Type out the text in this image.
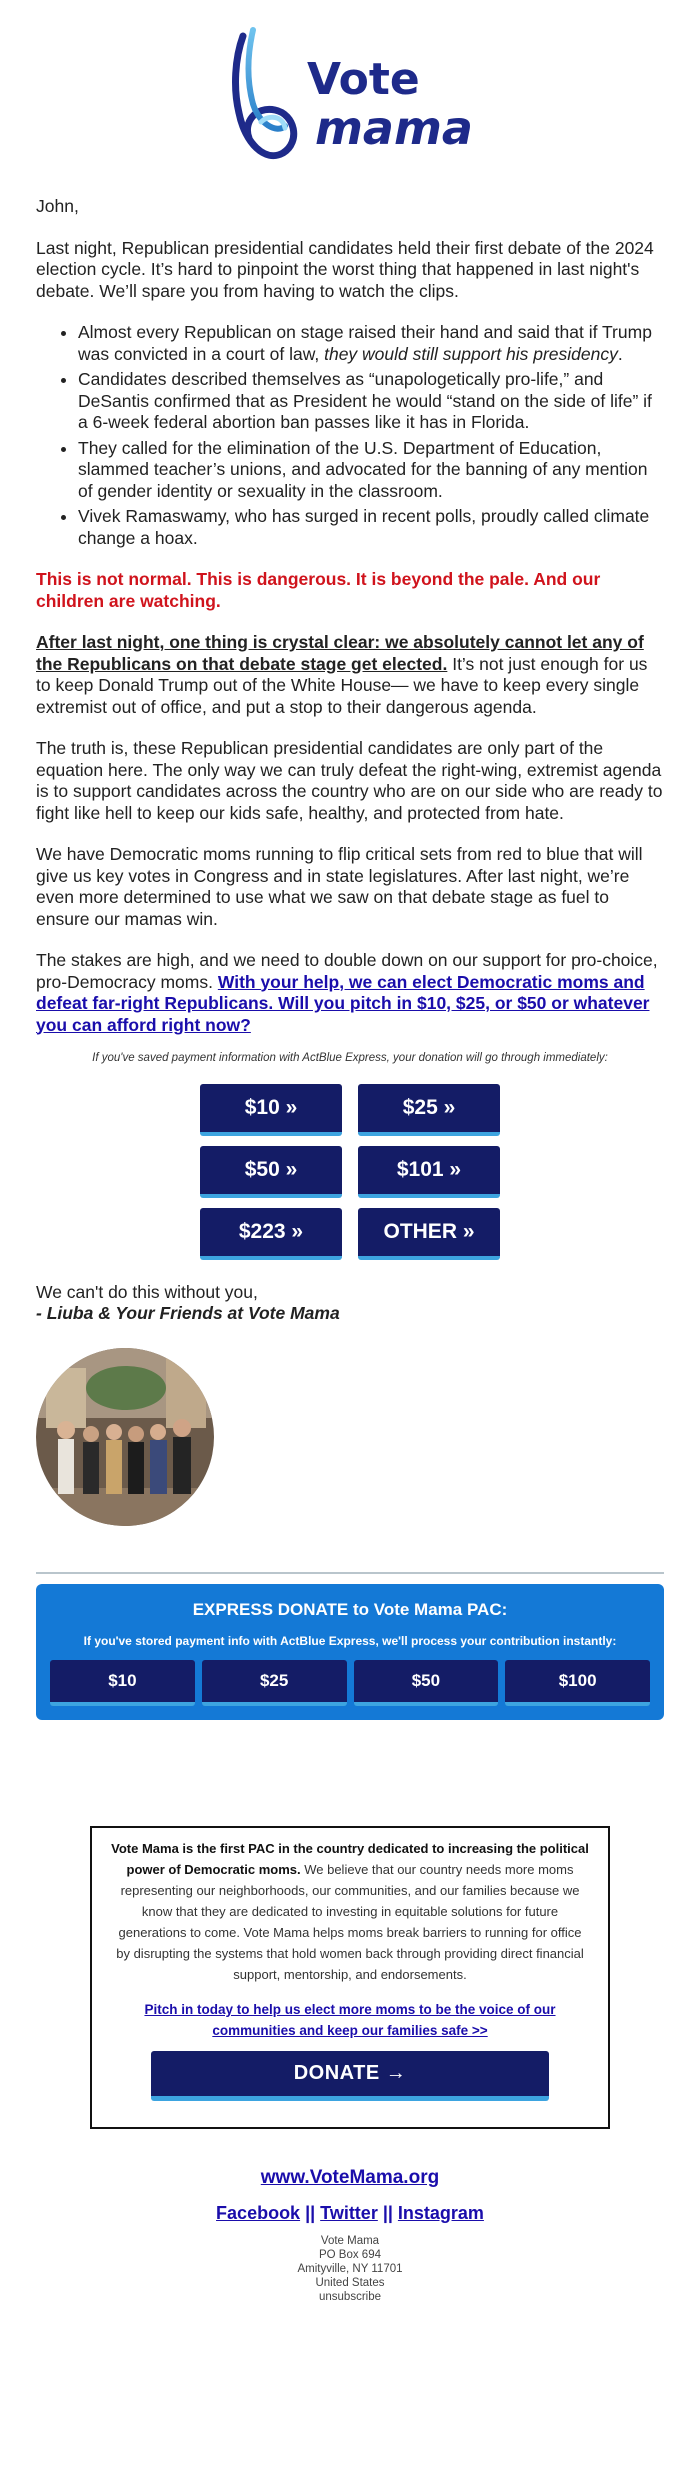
Vote
mama

John,

Last night, Republican presidential candidates held their first debate of the 2024 election cycle. It’s hard to pinpoint the worst thing that happened in last night's debate. We’ll spare you from having to watch the clips.

• Almost every Republican on stage raised their hand and said that if Trump was convicted in a court of law, they would still support his presidency.
• Candidates described themselves as “unapologetically pro-life,” and DeSantis confirmed that as President he would “stand on the side of life” if a 6-week federal abortion ban passes like it has in Florida.
• They called for the elimination of the U.S. Department of Education, slammed teacher’s unions, and advocated for the banning of any mention of gender identity or sexuality in the classroom.
• Vivek Ramaswamy, who has surged in recent polls, proudly called climate change a hoax.

This is not normal. This is dangerous. It is beyond the pale. And our children are watching.

After last night, one thing is crystal clear: we absolutely cannot let any of the Republicans on that debate stage get elected. It’s not just enough for us to keep Donald Trump out of the White House— we have to keep every single extremist out of office, and put a stop to their dangerous agenda.

The truth is, these Republican presidential candidates are only part of the equation here. The only way we can truly defeat the right-wing, extremist agenda is to support candidates across the country who are on our side who are ready to fight like hell to keep our kids safe, healthy, and protected from hate.

We have Democratic moms running to flip critical sets from red to blue that will give us key votes in Congress and in state legislatures. After last night, we’re even more determined to use what we saw on that debate stage as fuel to ensure our mamas win.

The stakes are high, and we need to double down on our support for pro-choice, pro-Democracy moms. With your help, we can elect Democratic moms and defeat far-right Republicans. Will you pitch in $10, $25, or $50 or whatever you can afford right now?

If you've saved payment information with ActBlue Express, your donation will go through immediately:
$10 »	$25 »
$50 »	$101 »
$223 »	OTHER »
We can't do this without you,
- Liuba & Your Friends at Vote Mama
EXPRESS DONATE to Vote Mama PAC:
If you've stored payment info with ActBlue Express, we'll process your contribution instantly:
$10	$25	$50	$100

Vote Mama is the first PAC in the country dedicated to increasing the political power of Democratic moms. We believe that our country needs more moms representing our neighborhoods, our communities, and our families because we know that they are dedicated to investing in equitable solutions for future generations to come. Vote Mama helps moms break barriers to running for office by disrupting the systems that hold women back through providing direct financial support, mentorship, and endorsements.

Pitch in today to help us elect more moms to be the voice of our communities and keep our families safe >>
DONATE →
www.VoteMama.org
Facebook || Twitter || Instagram
Vote Mama
PO Box 694
Amityville, NY 11701
United States
unsubscribe
